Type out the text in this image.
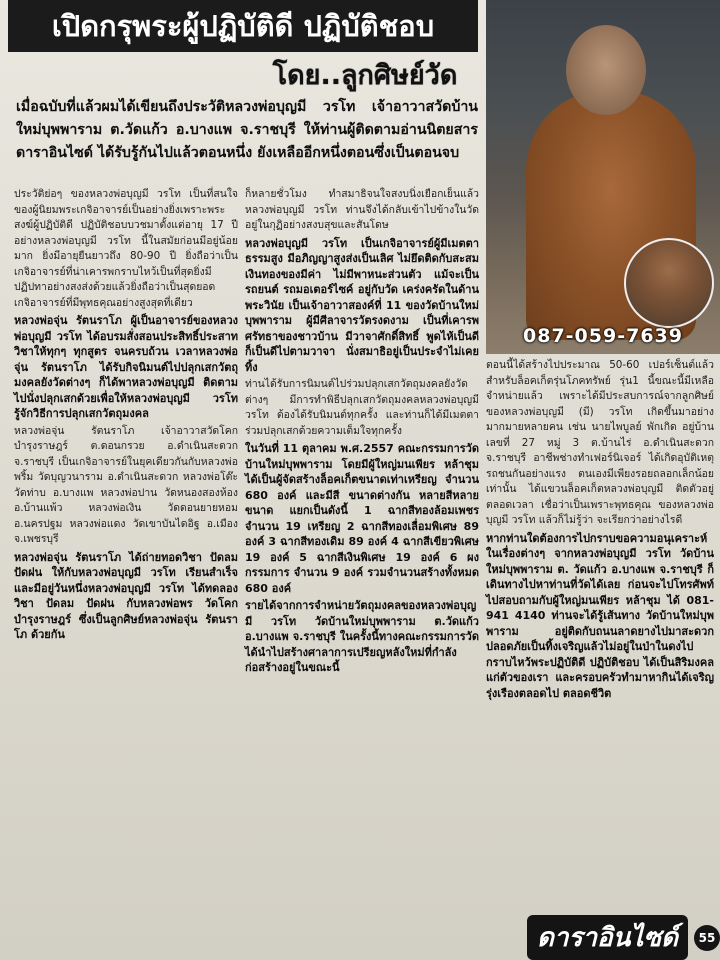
เปิดกรุพระผู้ปฏิบัติดี ปฏิบัติชอบ
โดย..ลูกศิษย์วัด
087-059-7639
เมื่อฉบับที่แล้วผมได้เขียนถึงประวัติหลวงพ่อบุญมี วรโท เจ้าอาวาสวัดบ้านใหม่บุพพาราม ต.วัดแก้ว อ.บางแพ จ.ราชบุรี ให้ท่านผู้ติดตามอ่านนิตยสารดาราอินไซด์ ได้รับรู้กันไปแล้วตอนหนึ่ง ยังเหลืออีกหนึ่งตอนซึ่งเป็นตอนจบ

ประวัติย่อๆ ของหลวงพ่อบุญมี วรโท เป็นที่สนใจของผู้นิยมพระเกจิอาจารย์เป็นอย่างยิ่งเพราะพระสงฆ์ผู้ปฏิบัติดี ปฏิบัติชอบบวชมาตั้งแต่อายุ 17 ปี อย่างหลวงพ่อบุญมี วรโท นี้ในสมัยก่อนมีอยู่น้อยมาก ยิ่งมีอายุยืนยาวถึง 80-90 ปี ยิ่งถือว่าเป็นเกจิอาจารย์ที่น่าเคารพกราบไหว้เป็นที่สุดยิ่งมีปฏิปทาอย่างสงส่งด้วยแล้วยิ่งถือว่าเป็นสุดยอดเกจิอาจารย์ที่มีพุทธคุณอย่างสูงสุดที่เดียว

หลวงพ่อจุ่น รัตนราโภ ผู้เป็นอาจารย์ของหลวงพ่อบุญมี วรโท ได้อบรมสั่งสอนประสิทธิ์ประสาทวิชาให้ทุกๆ ทุกสูตร จนครบถ้วน เวลาหลวงพ่อจุ่น รัตนราโภ ได้รับกิจนิมนต์ไปปลุกเสกวัตถุมงคลยังวัดต่างๆ ก็ได้พาหลวงพ่อบุญมี ติดตามไปนั่งปลุกเสกด้วยเพื่อให้หลวงพ่อบุญมี วรโท รู้จักวิธีการปลุกเสกวัตถุมงคล

หลวงพ่อจุ่น รัตนราโภ เจ้าอาวาสวัดโคกบำรุงราษฎร์ ต.ดอนกรวย อ.ดำเนินสะดวก จ.ราชบุรี เป็นเกจิอาจารย์ในยุคเดียวกันกับหลวงพ่อพริ้ม วัดบุญวนาราม อ.ดำเนินสะดวก หลวงพ่อโต๊ะ วัดท่าบ อ.บางแพ หลวงพ่อปาน วัดหนองสองห้อง อ.บ้านแพ้ว หลวงพ่อเงิน วัดดอนยายหอม อ.นครปฐม หลวงพ่อแดง วัดเขาบันไดอิฐ อ.เมือง จ.เพชรบุรี

หลวงพ่อจุ่น รัตนราโภ ได้ถ่ายทอดวิชา ปัดลม ปัดฝน ให้กับหลวงพ่อบุญมี วรโท เรียนสำเร็จ และมีอยู่วันหนึ่งหลวงพ่อบุญมี วรโท ได้ทดลองวิชา ปัดลม ปัดฝน กับหลวงพ่อพร วัดโคกบำรุงราษฎร์ ซึ่งเป็นลูกศิษย์หลวงพ่อจุ่น รัตนราโภ ด้วยกัน

ก็หลายชั่วโมง ทำสมาธิจนใจสงบนิ่งเยือกเย็นแล้ว หลวงพ่อบุญมี วรโท ท่านจึงได้กลับเข้าไปข้างในวัดอยู่ในกุฏิอย่างสงบสุขและสันโดษ

หลวงพ่อบุญมี วรโท เป็นเกจิอาจารย์ผู้มีเมตตาธรรมสูง มีอภิญญาสูงส่งเป็นเลิศ ไม่ยึดติดกับสะสมเงินทองของมีค่า ไม่มีพาหนะส่วนตัว แม้จะเป็นรถยนต์ รถมอเตอร์ไซค์ อยู่กับวัด เคร่งครัดในด้านพระวินัย เป็นเจ้าอาวาสองค์ที่ 11 ของวัดบ้านใหม่บุพพาราม ผู้มีศีลาจารวัตรงดงาม เป็นที่เคารพศรัทธาของชาวบ้าน มีวาจาศักดิ์สิทธิ์ พูดไห้เป็นดี ก็เป็นดีไปตามวาจา นั่งสมาธิอยู่เป็นประจำไม่เคยทิ้ง

ท่านได้รับการนิมนต์ไปร่วมปลุกเสกวัตถุมงคลยังวัดต่างๆ มีการทำพิธีปลุกเสกวัตถุมงคลหลวงพ่อบุญมี วรโท ต้องได้รับนิมนต์ทุกครั้ง และท่านก็ได้มีเมตตาร่วมปลุกเสกด้วยความเต็มใจทุกครั้ง

ในวันที่ 11 ตุลาคม พ.ศ.2557 คณะกรรมการวัดบ้านใหม่บุพพาราม โดยมีผู้ใหญ่มนเพียร หล้าชุม ได้เป็นผู้จัดสร้างล็อคเก็ตขนาดเท่าเหรียญ จำนวน 680 องค์ และมีสี ขนาดต่างกัน หลายสีหลายขนาด แยกเป็นดังนี้ 1 ฉากสีทองล้อมเพชร จำนวน 19 เหรียญ 2 ฉากสีทองเลื่อมพิเศษ 89 องค์ 3 ฉากสีทองเดิม 89 องค์ 4 ฉากสีเขียวพิเศษ 19 องค์ 5 ฉากสีเงินพิเศษ 19 องค์ 6 ผงกรรมการ จำนวน 9 องค์ รวมจำนวนสร้างทั้งหมด 680 องค์

รายได้จากการจำหน่ายวัตถุมงคลของหลวงพ่อบุญมี วรโท วัดบ้านใหม่บุพพาราม ต.วัดแก้ว อ.บางแพ จ.ราชบุรี ในครั้งนี้ทางคณะกรรมการวัดได้นำไปสร้างศาลาการเปรียญหลังใหม่ที่กำลังก่อสร้างอยู่ในขณะนี้

ตอนนี้ได้สร้างไปประมาณ 50-60 เปอร์เซ็นต์แล้ว สำหรับล็อคเก็ตรุ่นโภคทรัพย์ รุ่น1 นี้ขณะนี้มีเหลือจำหน่ายแล้ว เพราะได้มีประสบการณ์จากลูกศิษย์ของหลวงพ่อบุญมี (มี) วรโท เกิดขึ้นมาอย่างมากมายหลายคน เช่น นายไพบูลย์ พักเกิด อยู่บ้านเลขที่ 27 หมู่ 3 ต.บ้านไร่ อ.ดำเนินสะดวก จ.ราชบุรี อาชีพช่างทำเฟอร์นิเจอร์ ได้เกิดอุบัติเหตุรถชนกันอย่างแรง ตนเองมีเพียงรอยถลอกเล็กน้อยเท่านั้น ได้แขวนล็อคเก็ตหลวงพ่อบุญมี ติดตัวอยู่ตลอดเวลา เชื่อว่าเป็นเพราะพุทธคุณ ของหลวงพ่อบุญมี วรโท แล้วก็ไม่รู้ว่า จะเรียกว่าอย่างไรดี

หากท่านใดต้องการไปกราบขอความอนุเคราะห์ในเรื่องต่างๆ จากหลวงพ่อบุญมี วรโท วัดบ้านใหม่บุพพาราม ต. วัดแก้ว อ.บางแพ จ.ราชบุรี ก็เดินทางไปหาท่านที่วัดได้เลย ก่อนจะไปโทรศัพท์ไปสอบถามกับผู้ใหญ่มนเพียร หล้าชุม ได้ 081-941 4140 ท่านจะได้รู้เส้นทาง วัดบ้านใหม่บุพพาราม อยู่ติดกับถนนลาดยางไปมาสะดวกปลอดภัยเป็นทิ้งเจริญแล้วไม่อยู่ในป่าในดงไปกราบไหว้พระปฏิบัติดี ปฏิบัติชอบ ได้เป็นสิริมงคลแก่ตัวของเรา และครอบครัวทำมาหากินได้เจริญรุ่งเรืองตลอดไป ตลอดชีวิต

ดาราอินไซด์	55
